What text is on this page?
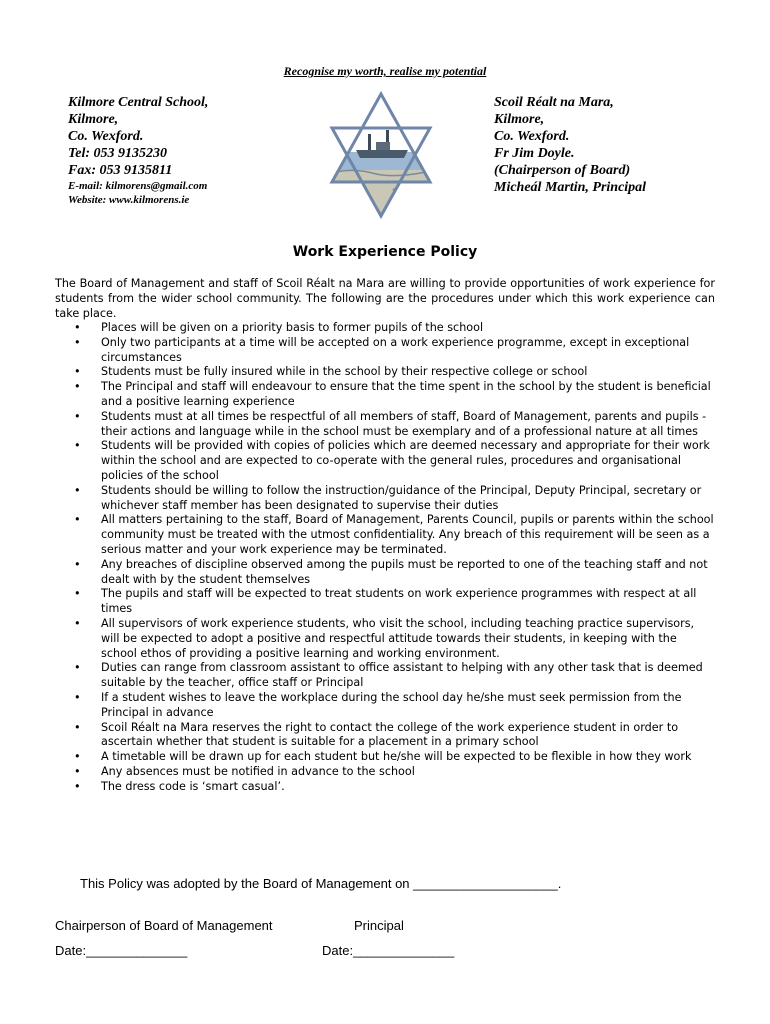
Recognise my worth, realise my potential
Kilmore Central School,
Kilmore,
Co. Wexford.
Tel: 053 9135230
Fax: 053 9135811
E-mail: kilmorens@gmail.com
Website: www.kilmorens.ie
Scoil Réalt na Mara,
Kilmore,
Co. Wexford.
Fr Jim Doyle.
(Chairperson of Board)
Micheál Martin, Principal
Work Experience Policy
The Board of Management and staff of Scoil Réalt na Mara are willing to provide opportunities of work experience for students from the wider school community. The following are the procedures under which this work experience can take place.
• Places will be given on a priority basis to former pupils of the school
• Only two participants at a time will be accepted on a work experience programme, except in exceptional circumstances
• Students must be fully insured while in the school by their respective college or school
• The Principal and staff will endeavour to ensure that the time spent in the school by the student is beneficial and a positive learning experience
• Students must at all times be respectful of all members of staff, Board of Management, parents and pupils - their actions and language while in the school must be exemplary and of a professional nature at all times
• Students will be provided with copies of policies which are deemed necessary and appropriate for their work within the school and are expected to co-operate with the general rules, procedures and organisational policies of the school
• Students should be willing to follow the instruction/guidance of the Principal, Deputy Principal, secretary or whichever staff member has been designated to supervise their duties
• All matters pertaining to the staff, Board of Management, Parents Council, pupils or parents within the school community must be treated with the utmost confidentiality. Any breach of this requirement will be seen as a serious matter and your work experience may be terminated.
• Any breaches of discipline observed among the pupils must be reported to one of the teaching staff and not dealt with by the student themselves
• The pupils and staff will be expected to treat students on work experience programmes with respect at all times
• All supervisors of work experience students, who visit the school, including teaching practice supervisors, will be expected to adopt a positive and respectful attitude towards their students, in keeping with the school ethos of providing a positive learning and working environment.
• Duties can range from classroom assistant to office assistant to helping with any other task that is deemed suitable by the teacher, office staff or Principal
• If a student wishes to leave the workplace during the school day he/she must seek permission from the Principal in advance
• Scoil Réalt na Mara reserves the right to contact the college of the work experience student in order to ascertain whether that student is suitable for a placement in a primary school
• A timetable will be drawn up for each student but he/she will be expected to be flexible in how they work
• Any absences must be notified in advance to the school
• The dress code is ‘smart casual’.
This Policy was adopted by the Board of Management on ____________________.
Chairperson of Board of Management	Principal
Date:______________	Date:______________
